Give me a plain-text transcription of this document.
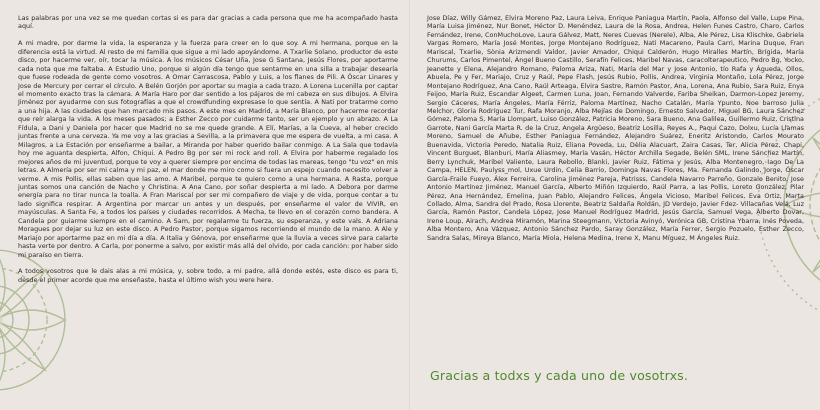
Las palabras por una vez se me quedan cortas si es para dar gracias a cada persona que me ha acompañado hasta aquí.

A mi madre, por darme la vida, la esperanza y la fuerza para creer en lo que soy. A mi hermana, porque en la diferencia está la virtud. Al resto de mi familia que sigue a mi lado apoyándome. A Txarlie Solano, productor de este disco, por hacerme ver, oír, tocar la música. A los músicos César Uña, Jose G Santana, Jesús Flores, por aportarme cada nota que me faltaba. A Estudio Uno, porque si algún día tengo que sentarme en una silla a trabajar desearía que fuese rodeada de gente como vosotros. A Omar Carrascosa, Pablo y Luis, a los flanes de Pili. A Óscar Linares y Jose de Mercury por cerrar el círculo. A Belén Gorjón por aportar su magia a cada trazo. A Lorena Lucenilla por captar el momento exacto tras la cámara. A María Haro por dar sentido a los pájaros de mi cabeza en sus dibujos. A Elvira Jiménez por ayudarme con sus fotografías a que el crowdfunding expresase lo que sentía. A Nati por tratarme como a una hija. A las ciudades que han marcado mis pasos. A este mes en Madrid, a María Blanco, por hacerme recordar que reír alarga la vida. A los meses pasados; a Esther Zecco por cuidarme tanto, ser un ejemplo y un abrazo. A La Fídula, a Dani y Daniela por hacer que Madrid no se me quede grande. A Elí, Marías, a la Cueva, al heber crecido juntas frente a una cerveza. Ya me voy a las gracias a Sevilla, a la primavera que me espera de vuelta, a mi casa. A Milagros, a La Estación por enseñarme a bailar, a Miranda por haber querido bailar conmigo. A La Sala que todavía hoy me aguanta despierta, Alfon, Chiqui. A Pedro Bg por ser mi rock and roll. A Elvira por haberme regalado los mejores años de mi juventud, porque te voy a querer siempre por encima de todas las mareas, tengo "tu voz" en mis letras. A Almería por ser mi calma y mi paz, el mar donde me miro como si fuera un espejo cuando necesito volver a verme. A mis Pollis, ellas saben que las amo. A Maribel, porque te quiero como a una hermana. A Rasta, porque juntas somos una canción de Nacho y Christina. A Ana Cano, por soñar despierta a mi lado. A Debora por darme energía para no tirar nunca la toalla. A Fran Mariscal por ser mi compañero de viaje y de vida, porque contar a tu lado significa respirar. A Argentina por marcar un antes y un después, por enseñarme el valor de VIVIR, en mayúsculas. A Santa Fe, a todos los países y ciudades recorridos. A Mecha, te llevo en el corazón como bandera. A Candela por guiarme siempre en el camino. A Sam, por regalarme tu fuerza, su esperanza, y este vals. A Adriana Moragues por dejar su luz en este disco. A Pedro Pastor, porque sigamos recorriendo el mundo de la mano. A Ale y Mariajo por aportarme paz en mi día a día. A Italia y Génova, por enseñarme que la lluvia a veces sirve para calarte hasta verte por dentro. A Carla, por ponerme a salvo, por existir más allá del olvido, por cada canción: por haber sido mi paraíso en tierra.

A todos vosotros que le dais alas a mi música, y, sobre todo, a mi padre, allá donde estés, este disco es para ti, desde el primer acorde que me enseñaste, hasta el último wish you were here.

Jose Díaz, Willy Gámez, Elvira Moreno Paz, Laura Leiva, Enrique Paniagua Martín, Paola, Alfonso del Valle, Lupe Pina, María Luisa Jiménez, Nur Bonet, Héctor D. Menéndez, Laura de la Rosa, Andrea, Helen Funes Castro, Charo, Carlos Fernández, Irene, ConMuchoLove, Laura Gálvez, Matt, Neres Cuevas (Nerele), Alba, Ale Pérez, Lisa Klischke, Gabriela Vargas Romero, María José Montes, Jorge Montejano Rodríguez, Nati Macareno, Paula Carri, Marina Duque, Fran Mariscal, Txarlie, Sònia Arizmendi Valdor, Javier Amador, Chiqui Calderón, Hugo Miralles Martín, Brígida, María Churums, Carlos Pimentel, Ángel Bueno Castillo, Serafín Felices, Maribel Navas, caracolterapeutico, Pedro Bg, Yocko, Jeanette y Elena, Alejandro Romano, Paloma Ariza, Nati, María del Mar y Jose Antonio, tío Rafa y Águeda, Ollos, Abuela, Pe y Fer, Mariajo, Cruz y Raúl, Pepe Flash, Jesús Rubio, Pollis, Andrea, Virginia Montaño, Lola Pérez, Jorge Montejano Rodríguez, Ana Cano, Raúl Arteaga, Elvira Sastre, Ramón Pastor, Ana, Lorena, Ana Rubio, Sara Ruiz, Enya Feijoo, María Ruiz, Escandar Algeet, Carmen Luna, Joan, Fernando Valverde, Fariba Sheikan, Darmon-Lopez Jeremy, Sergio Cáceres, María Ángeles, María Férriz, Paloma Martínez, Nacho Catalán, María Ypunto, Noe barroso Julia Melchor, Gloria Rodríguez Tur, Rafa Moranjo, Alba Mejías de Domingo, Ernesto Salvador, Miguel BG, Laura Sánchez Gómez, Paloma S, María Llompart, Luiso González, Patricia Moreno, Sara Bueno, Ana Galilea, Guillermo Ruiz, Cristina Garrote, Nani García Marta R. de la Cruz, Angela Argüeso, Beatriz Losilla, Reyes A., Paqui Cazo, Dolxu, Lucía Llamas Moreno, Samuel de Añube, Esther Paniagua Fernández, Alejandro Suárez, Eneritz Aristondo, Carlos Mourato Buenavida, Victoria Peredo, Natalia Ruiz, Eliana Poveda, Lu, Dèlia Alacuart, Zaira Casas, Ter, Alicia Pérez, Chapi, Vincent Burguet, Blanburi, María Aliasmey, María Vasán, Héctor Archilla Segade, Belén SML, Irene Sánchez Martín, Berry Lynchuk, Maribel Valiente, Laura Rebollo, Blanki, Javier Ruiz, Fátima y Jesús, Alba Montenegro, Iago De La Campa, HELEN, Paulyss_mol, Uxue Urdin, Celia Barrio, Dominga Navas Flores, Ma. Fernanda Galindo, Jorge, Óscar García-Fraile Fueyo, Álex Ferreira, Carolina Jiménez Pareja, Patrisss, Candela Navarro Parreño, Gonzalo Benito, Jose Antonio Martínez Jiménez, Manuel García, Alberto Miñón Izquierdo, Raúl Parra, a las Pollis, Loreto González, Pilar Pérez, Ana Hernández, Emelina, Juan Pablo, Alejandro Felices, Ángela Vicioso, Maribel Felices, Eva Ortiz, Marta Collado, Alma, Sandra del Prado, Rosa Llorente, Beatriz Saldaña Roldán, JD Verdejo, Javier Fdez- Villacañas Velá, Luz García, Ramón Pastor, Candela López, Jose Manuel Rodríguez Madrid, Jesús García, Samuel Vega, Alberto Dovar, Irene Loup, Airach, Andrea Miramón, Marina Steegmann, Victoria Avinyó, Verónica GB, Cristina Ybarra, Inés Poveda, Alba Montero, Ana Vázquez, Antonio Sánchez Pardo, Saray González, María Ferrer, Sergio Pozuelo, Esther Zecco, Sandra Salas, Mireya Blanco, María Miola, Helena Medina, Irene X, Manu Míguez, M Ángeles Ruiz.
Gracias a todxs y cada uno de vosotrxs.
